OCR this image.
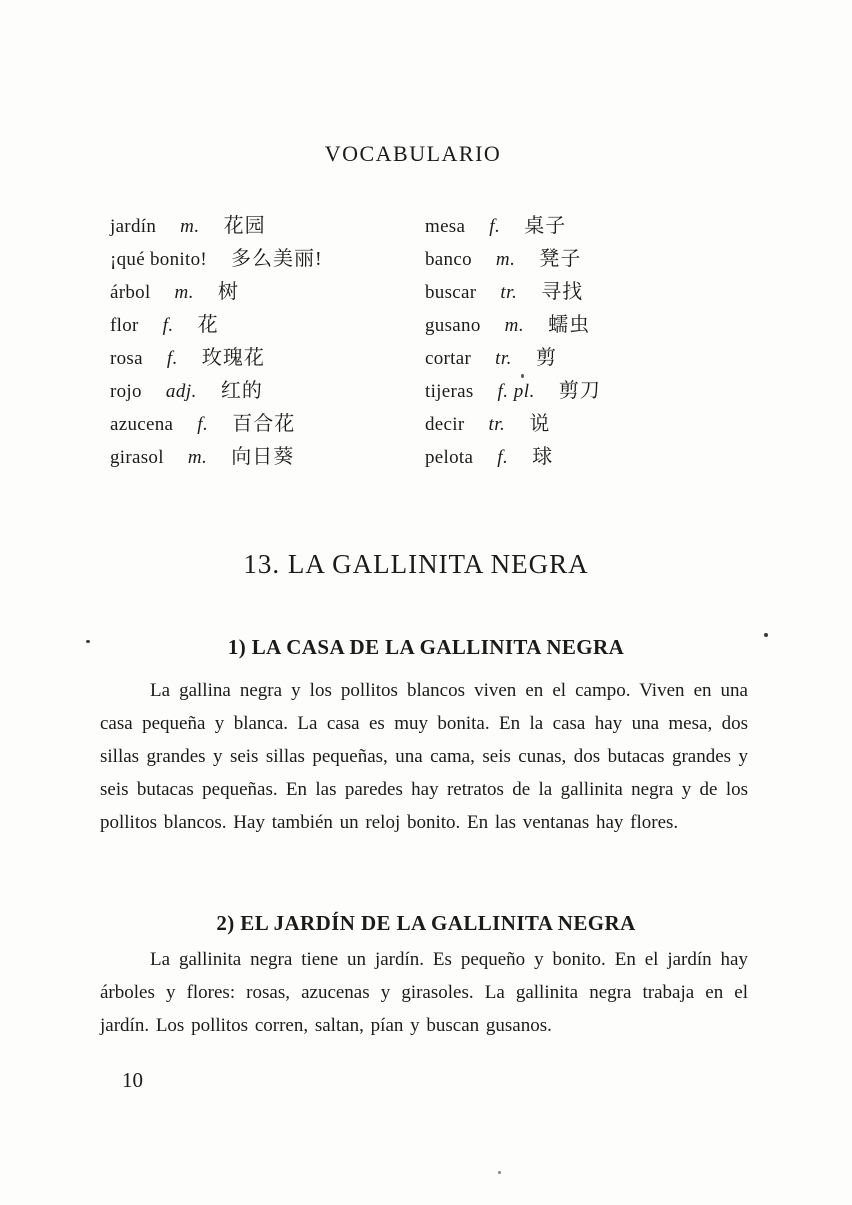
VOCABULARIO
jardín m. 花园
¡qué bonito! 多么美丽!
árbol m. 树
flor f. 花
rosa f. 玫瑰花
rojo adj. 红的
azucena f. 百合花
girasol m. 向日葵
mesa f. 桌子
banco m. 凳子
buscar tr. 寻找
gusano m. 蠕虫
cortar tr. 剪
tijeras f. pl. 剪刀
decir tr. 说
pelota f. 球
13. LA GALLINITA NEGRA
1) LA CASA DE LA GALLINITA NEGRA
La gallina negra y los pollitos blancos viven en el campo. Viven en una casa pequeña y blanca. La casa es muy bonita. En la casa hay una mesa, dos sillas grandes y seis sillas pequeñas, una cama, seis cunas, dos butacas grandes y seis butacas pequeñas. En las paredes hay retratos de la gallinita negra y de los pollitos blancos. Hay también un reloj bonito. En las ventanas hay flores.
2) EL JARDÍN DE LA GALLINITA NEGRA
La gallinita negra tiene un jardín. Es pequeño y bonito. En el jardín hay árboles y flores: rosas, azucenas y girasoles. La gallinita negra trabaja en el jardín. Los pollitos corren, saltan, pían y buscan gusanos.
10
